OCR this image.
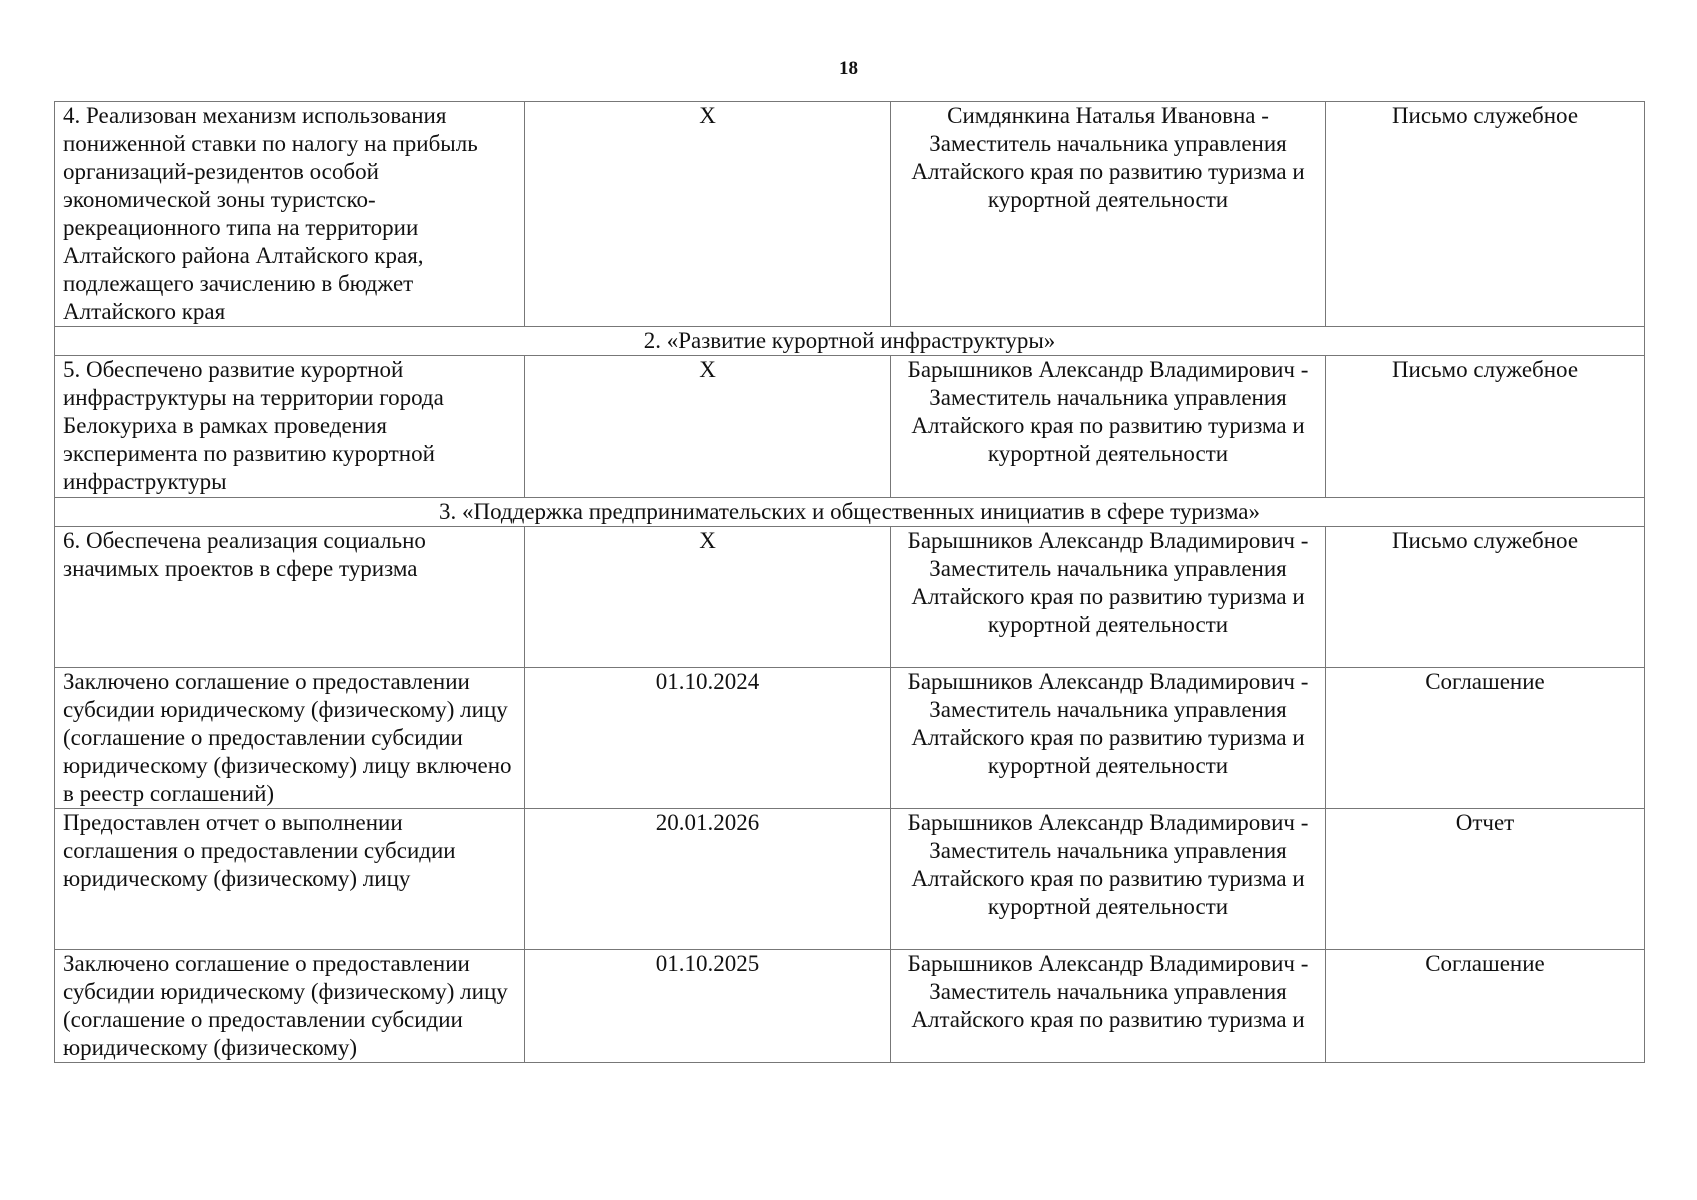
18
4. Реализован механизм использования пониженной ставки по налогу на прибыль организаций-резидентов особой экономической зоны туристско-рекреационного типа на территории Алтайского района Алтайского края, подлежащего зачислению в бюджет Алтайского края	X	Симдянкина Наталья Ивановна - Заместитель начальника управления Алтайского края по развитию туризма и курортной деятельности	Письмо служебное
2. «Развитие курортной инфраструктуры»			
5. Обеспечено развитие курортной инфраструктуры на территории города Белокуриха в рамках проведения эксперимента по развитию курортной инфраструктуры	X	Барышников Александр Владимирович - Заместитель начальника управления Алтайского края по развитию туризма и курортной деятельности	Письмо служебное
3. «Поддержка предпринимательских и общественных инициатив в сфере туризма»			
6. Обеспечена реализация социально значимых проектов в сфере туризма	X	Барышников Александр Владимирович - Заместитель начальника управления Алтайского края по развитию туризма и курортной деятельности	Письмо служебное
Заключено соглашение о предоставлении субсидии юридическому (физическому) лицу (соглашение о предоставлении субсидии юридическому (физическому) лицу включено в реестр соглашений)	01.10.2024	Барышников Александр Владимирович - Заместитель начальника управления Алтайского края по развитию туризма и курортной деятельности	Соглашение
Предоставлен отчет о выполнении соглашения о предоставлении субсидии юридическому (физическому) лицу	20.01.2026	Барышников Александр Владимирович - Заместитель начальника управления Алтайского края по развитию туризма и курортной деятельности	Отчет
Заключено соглашение о предоставлении субсидии юридическому (физическому) лицу (соглашение о предоставлении субсидии юридическому (физическому)	01.10.2025	Барышников Александр Владимирович - Заместитель начальника управления Алтайского края по развитию туризма и	Соглашение
